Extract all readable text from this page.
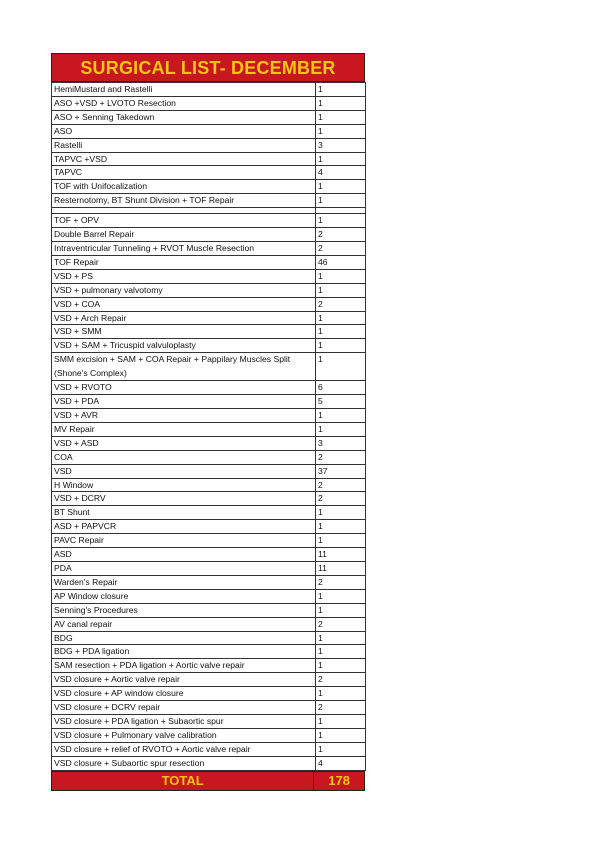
SURGICAL LIST- DECEMBER
HemiMustard and Rastelli	1
ASO +VSD + LVOTO Resection	1
ASO + Senning Takedown	1
ASO	1
Rastelli	3
TAPVC +VSD	1
TAPVC	4
TOF with Unifocalization	1
Resternotomy, BT Shunt Division + TOF Repair	1

TOF + OPV	1
Double Barrel Repair	2
Intraventricular Tunneling + RVOT Muscle Resection	2
TOF Repair	46
VSD + PS	1
VSD + pulmonary valvotomy	1
VSD + COA	2
VSD + Arch Repair	1
VSD + SMM	1
VSD + SAM + Tricuspid valvuloplasty	1
SMM excision + SAM + COA Repair + Pappilary Muscles Split (Shone's Complex)	1
VSD + RVOTO	6
VSD + PDA	5
VSD + AVR	1
MV Repair	1
VSD + ASD	3
COA	2
VSD	37
H Window	2
VSD + DCRV	2
BT Shunt	1
ASD + PAPVCR	1
PAVC Repair	1
ASD	11
PDA	11
Warden's Repair	2
AP Window closure	1
Senning's Procedures	1
AV canal repair	2
BDG	1
BDG + PDA ligation	1
SAM resection + PDA ligation + Aortic valve repair	1
VSD closure + Aortic valve repair	2
VSD closure + AP window closure	1
VSD closure + DCRV repair	2
VSD closure + PDA ligation + Subaortic spur	1
VSD closure + Pulmonary valve calibration	1
VSD closure + relief of RVOTO + Aortic valve repair	1
VSD closure + Subaortic spur resection	4
TOTAL	178
